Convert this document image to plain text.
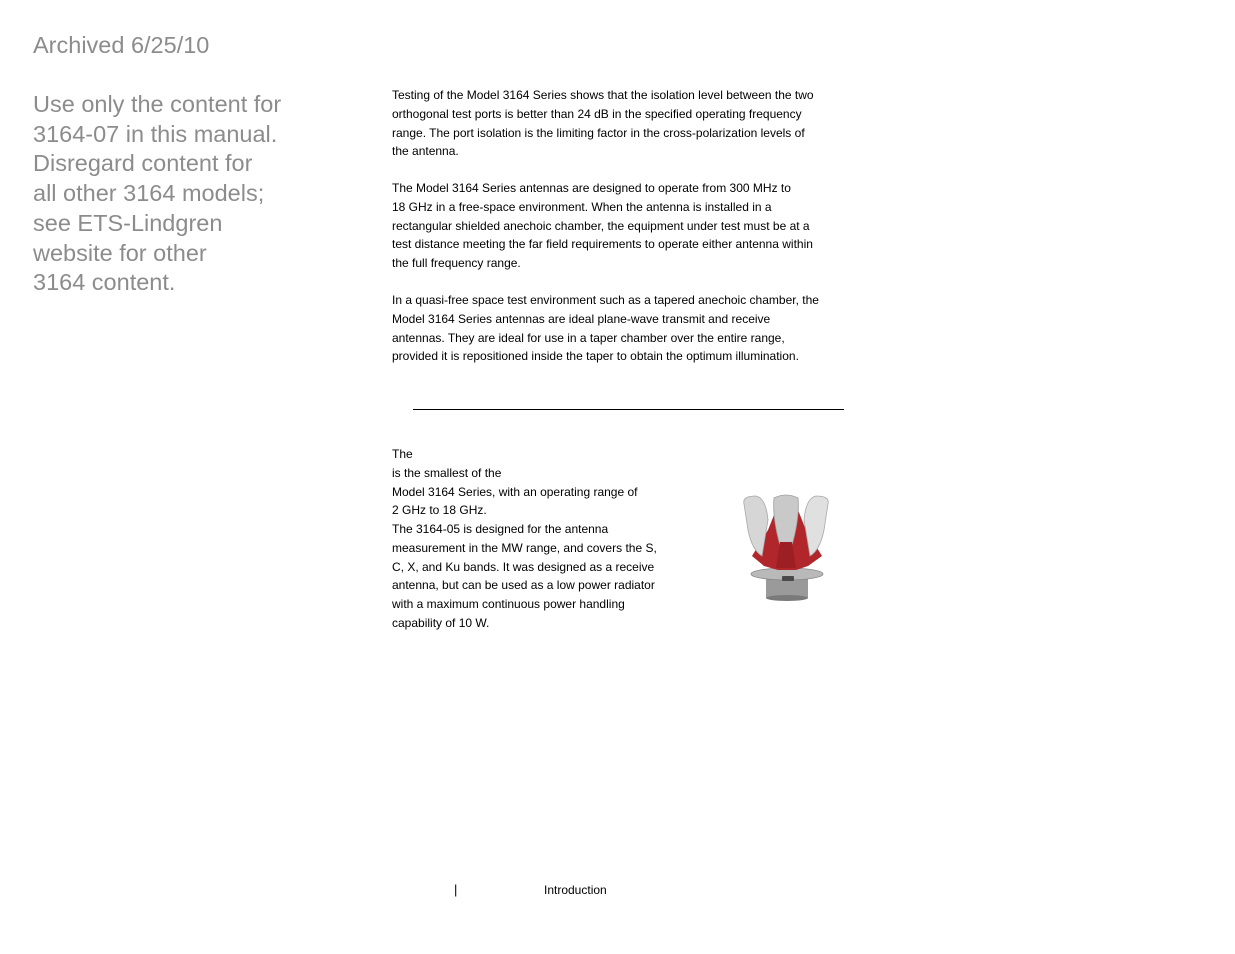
Archived 6/25/10

Use only the content for
3164-07 in this manual.
Disregard content for
all other 3164 models;
see ETS-Lindgren
website for other
3164 content.
Testing of the Model 3164 Series shows that the isolation level between the two
orthogonal test ports is better than 24 dB in the specified operating frequency
range. The port isolation is the limiting factor in the cross-polarization levels of
the antenna.
The Model 3164 Series antennas are designed to operate from 300 MHz to
18 GHz in a free-space environment. When the antenna is installed in a
rectangular shielded anechoic chamber, the equipment under test must be at a
test distance meeting the far field requirements to operate either antenna within
the full frequency range.
In a quasi-free space test environment such as a tapered anechoic chamber, the
Model 3164 Series antennas are ideal plane-wave transmit and receive
antennas. They are ideal for use in a taper chamber over the entire range,
provided it is repositioned inside the taper to obtain the optimum illumination.
The
is the smallest of the
Model 3164 Series, with an operating range of
2 GHz to 18 GHz.
The 3164-05 is designed for the antenna
measurement in the MW range, and covers the S,
C, X, and Ku bands. It was designed as a receive
antenna, but can be used as a low power radiator
with a maximum continuous power handling
capability of 10 W.

|	Introduction
